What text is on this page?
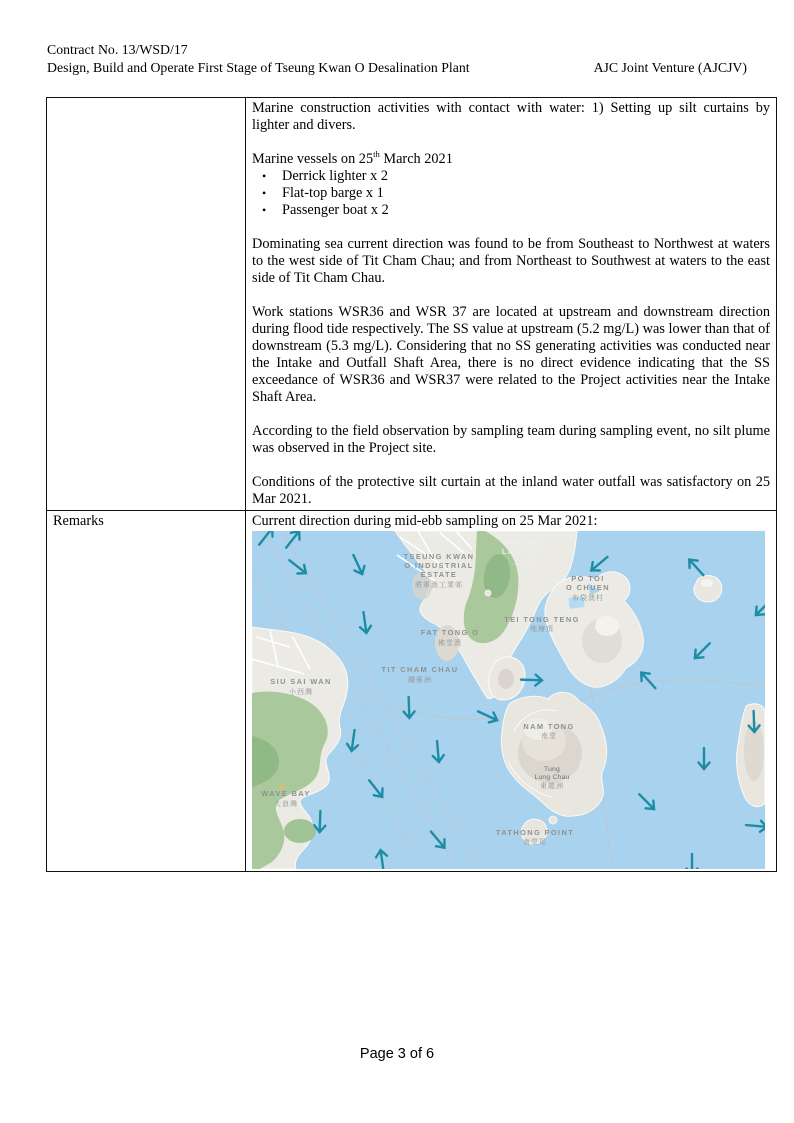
Contract No. 13/WSD/17
Design, Build and Operate First Stage of Tseung Kwan O Desalination Plant	AJC Joint Venture (AJCJV)

Marine construction activities with contact with water: 1) Setting up silt curtains by lighter and divers.

Marine vessels on 25th March 2021

• Derrick lighter x 2
• Flat-top barge x 1
• Passenger boat x 2

Dominating sea current direction was found to be from Southeast to Northwest at waters to the west side of Tit Cham Chau; and from Northeast to Southwest at waters to the east side of Tit Cham Chau.

Work stations WSR36 and WSR 37 are located at upstream and downstream direction during flood tide respectively. The SS value at upstream (5.2 mg/L) was lower than that of downstream (5.3 mg/L). Considering that no SS generating activities was conducted near the Intake and Outfall Shaft Area, there is no direct evidence indicating that the SS exceedance of WSR36 and WSR37 were related to the Project activities near the Intake Shaft Area.

According to the field observation by sampling team during sampling event, no silt plume was observed in the Project site.

Conditions of the protective silt curtain at the inland water outfall was satisfactory on 25 Mar 2021.

Remarks	Current direction during mid-ebb sampling on 25 Mar 2021:

SHEUNG
LAU WAN
上流灣
TSEUNG KWAN
O INDUSTRIAL
ESTATE
將軍澳工業邨
FAT TONG O
佛堂澳
TIT CHAM CHAU
鐵篸洲
PO TOI
O CHUEN
布袋澳村
TEI TONG TENG
地塘頂
SIU SAI WAN
小西灣
WAVE BAY
大浪灣
NAM TONG
南堂
Tung
Lung Chau
東龍洲
TATHONG POINT
南堂尾
Page 3 of 6
